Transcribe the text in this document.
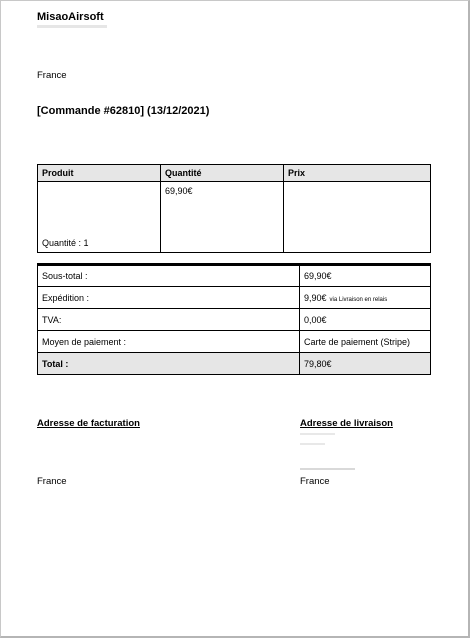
MisaoAirsoft
France
[Commande #62810] (13/12/2021)
Produit	Quantité	Prix

Quantité : 1	69,90€	
Sous-total :	69,90€
Expédition :	9,90€ via Livraison en relais
TVA:	0,00€
Moyen de paiement :	Carte de paiement (Stripe)
Total :	79,80€
Adresse de facturation	Adresse de livraison
France	France
